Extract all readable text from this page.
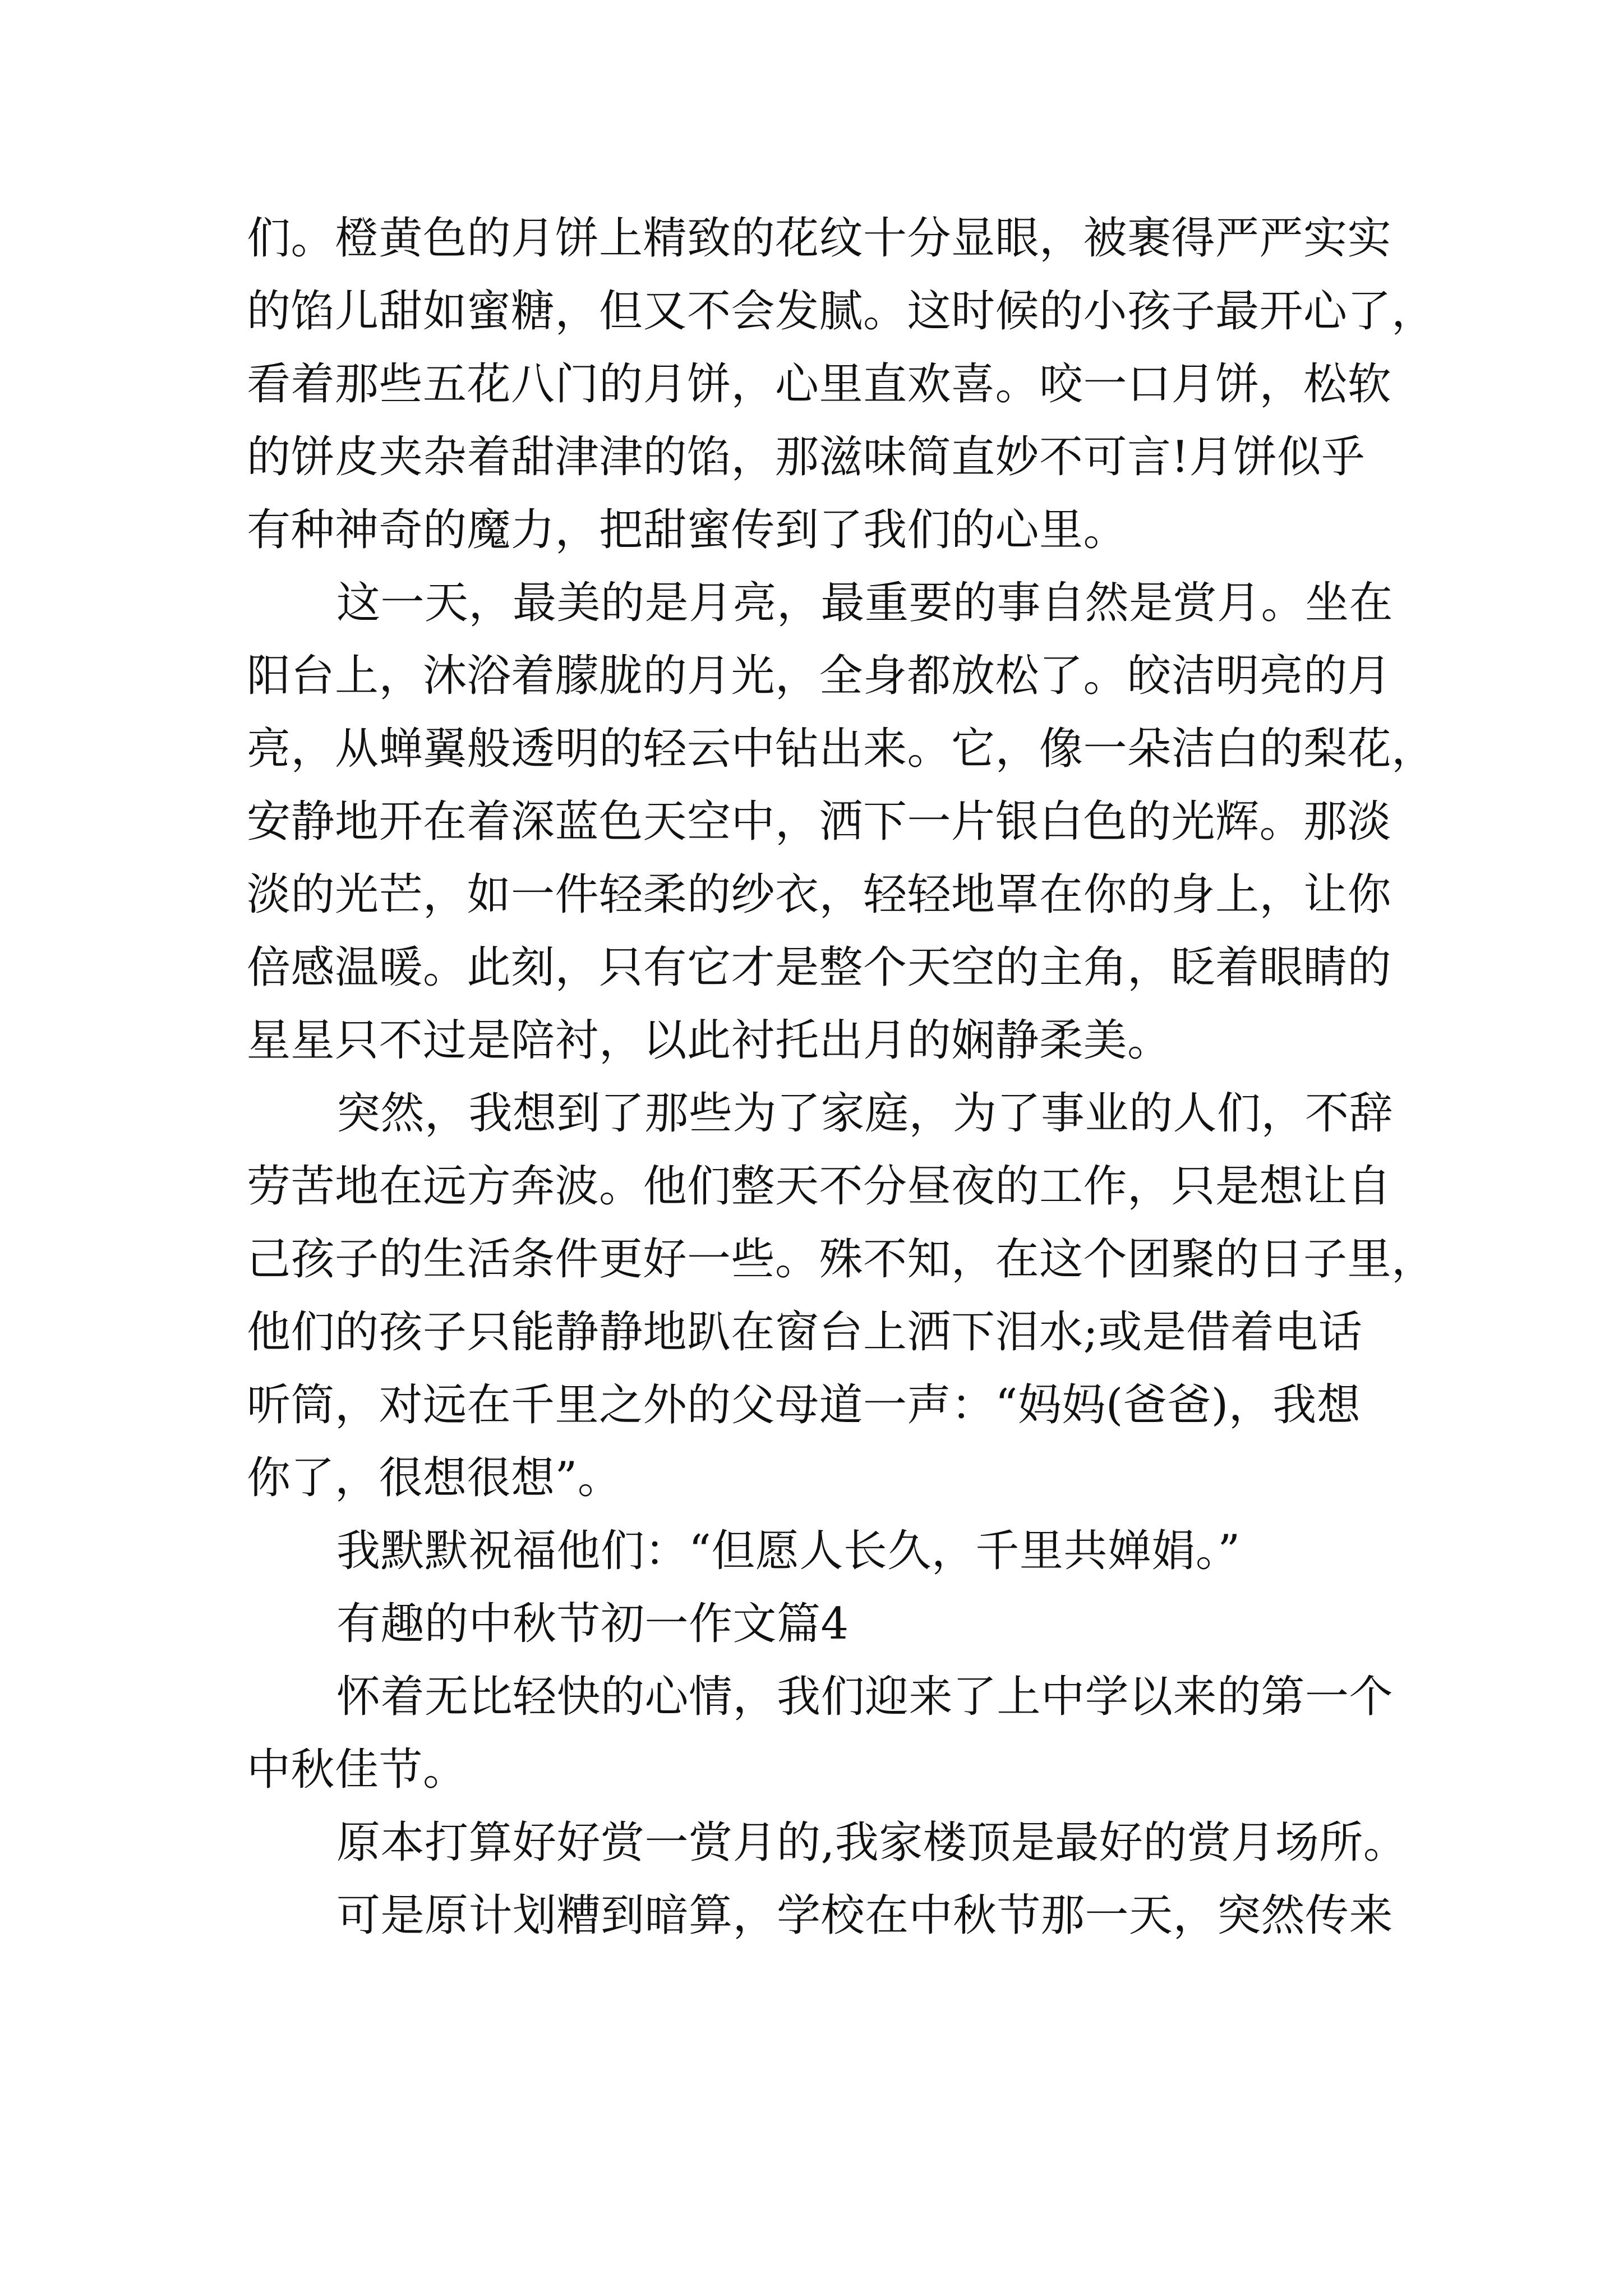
们。橙黄色的月饼上精致的花纹十分显眼，被裹得严严实实
的馅儿甜如蜜糖，但又不会发腻。这时候的小孩子最开心了，
看着那些五花八门的月饼，心里直欢喜。咬一口月饼，松软
的饼皮夹杂着甜津津的馅，那滋味简直妙不可言!月饼似乎
有种神奇的魔力，把甜蜜传到了我们的心里。
这一天，最美的是月亮，最重要的事自然是赏月。坐在
阳台上，沐浴着朦胧的月光，全身都放松了。皎洁明亮的月
亮，从蝉翼般透明的轻云中钻出来。它，像一朵洁白的梨花，
安静地开在着深蓝色天空中，洒下一片银白色的光辉。那淡
淡的光芒，如一件轻柔的纱衣，轻轻地罩在你的身上，让你
倍感温暖。此刻，只有它才是整个天空的主角，眨着眼睛的
星星只不过是陪衬，以此衬托出月的娴静柔美。
突然，我想到了那些为了家庭，为了事业的人们，不辞
劳苦地在远方奔波。他们整天不分昼夜的工作，只是想让自
己孩子的生活条件更好一些。殊不知，在这个团聚的日子里，
他们的孩子只能静静地趴在窗台上洒下泪水;或是借着电话
听筒，对远在千里之外的父母道一声：“妈妈(爸爸)，我想
你了，很想很想”。
我默默祝福他们：“但愿人长久，千里共婵娟。”
有趣的中秋节初一作文篇4
怀着无比轻快的心情，我们迎来了上中学以来的第一个
中秋佳节。
原本打算好好赏一赏月的,我家楼顶是最好的赏月场所。
可是原计划糟到暗算，学校在中秋节那一天，突然传来
